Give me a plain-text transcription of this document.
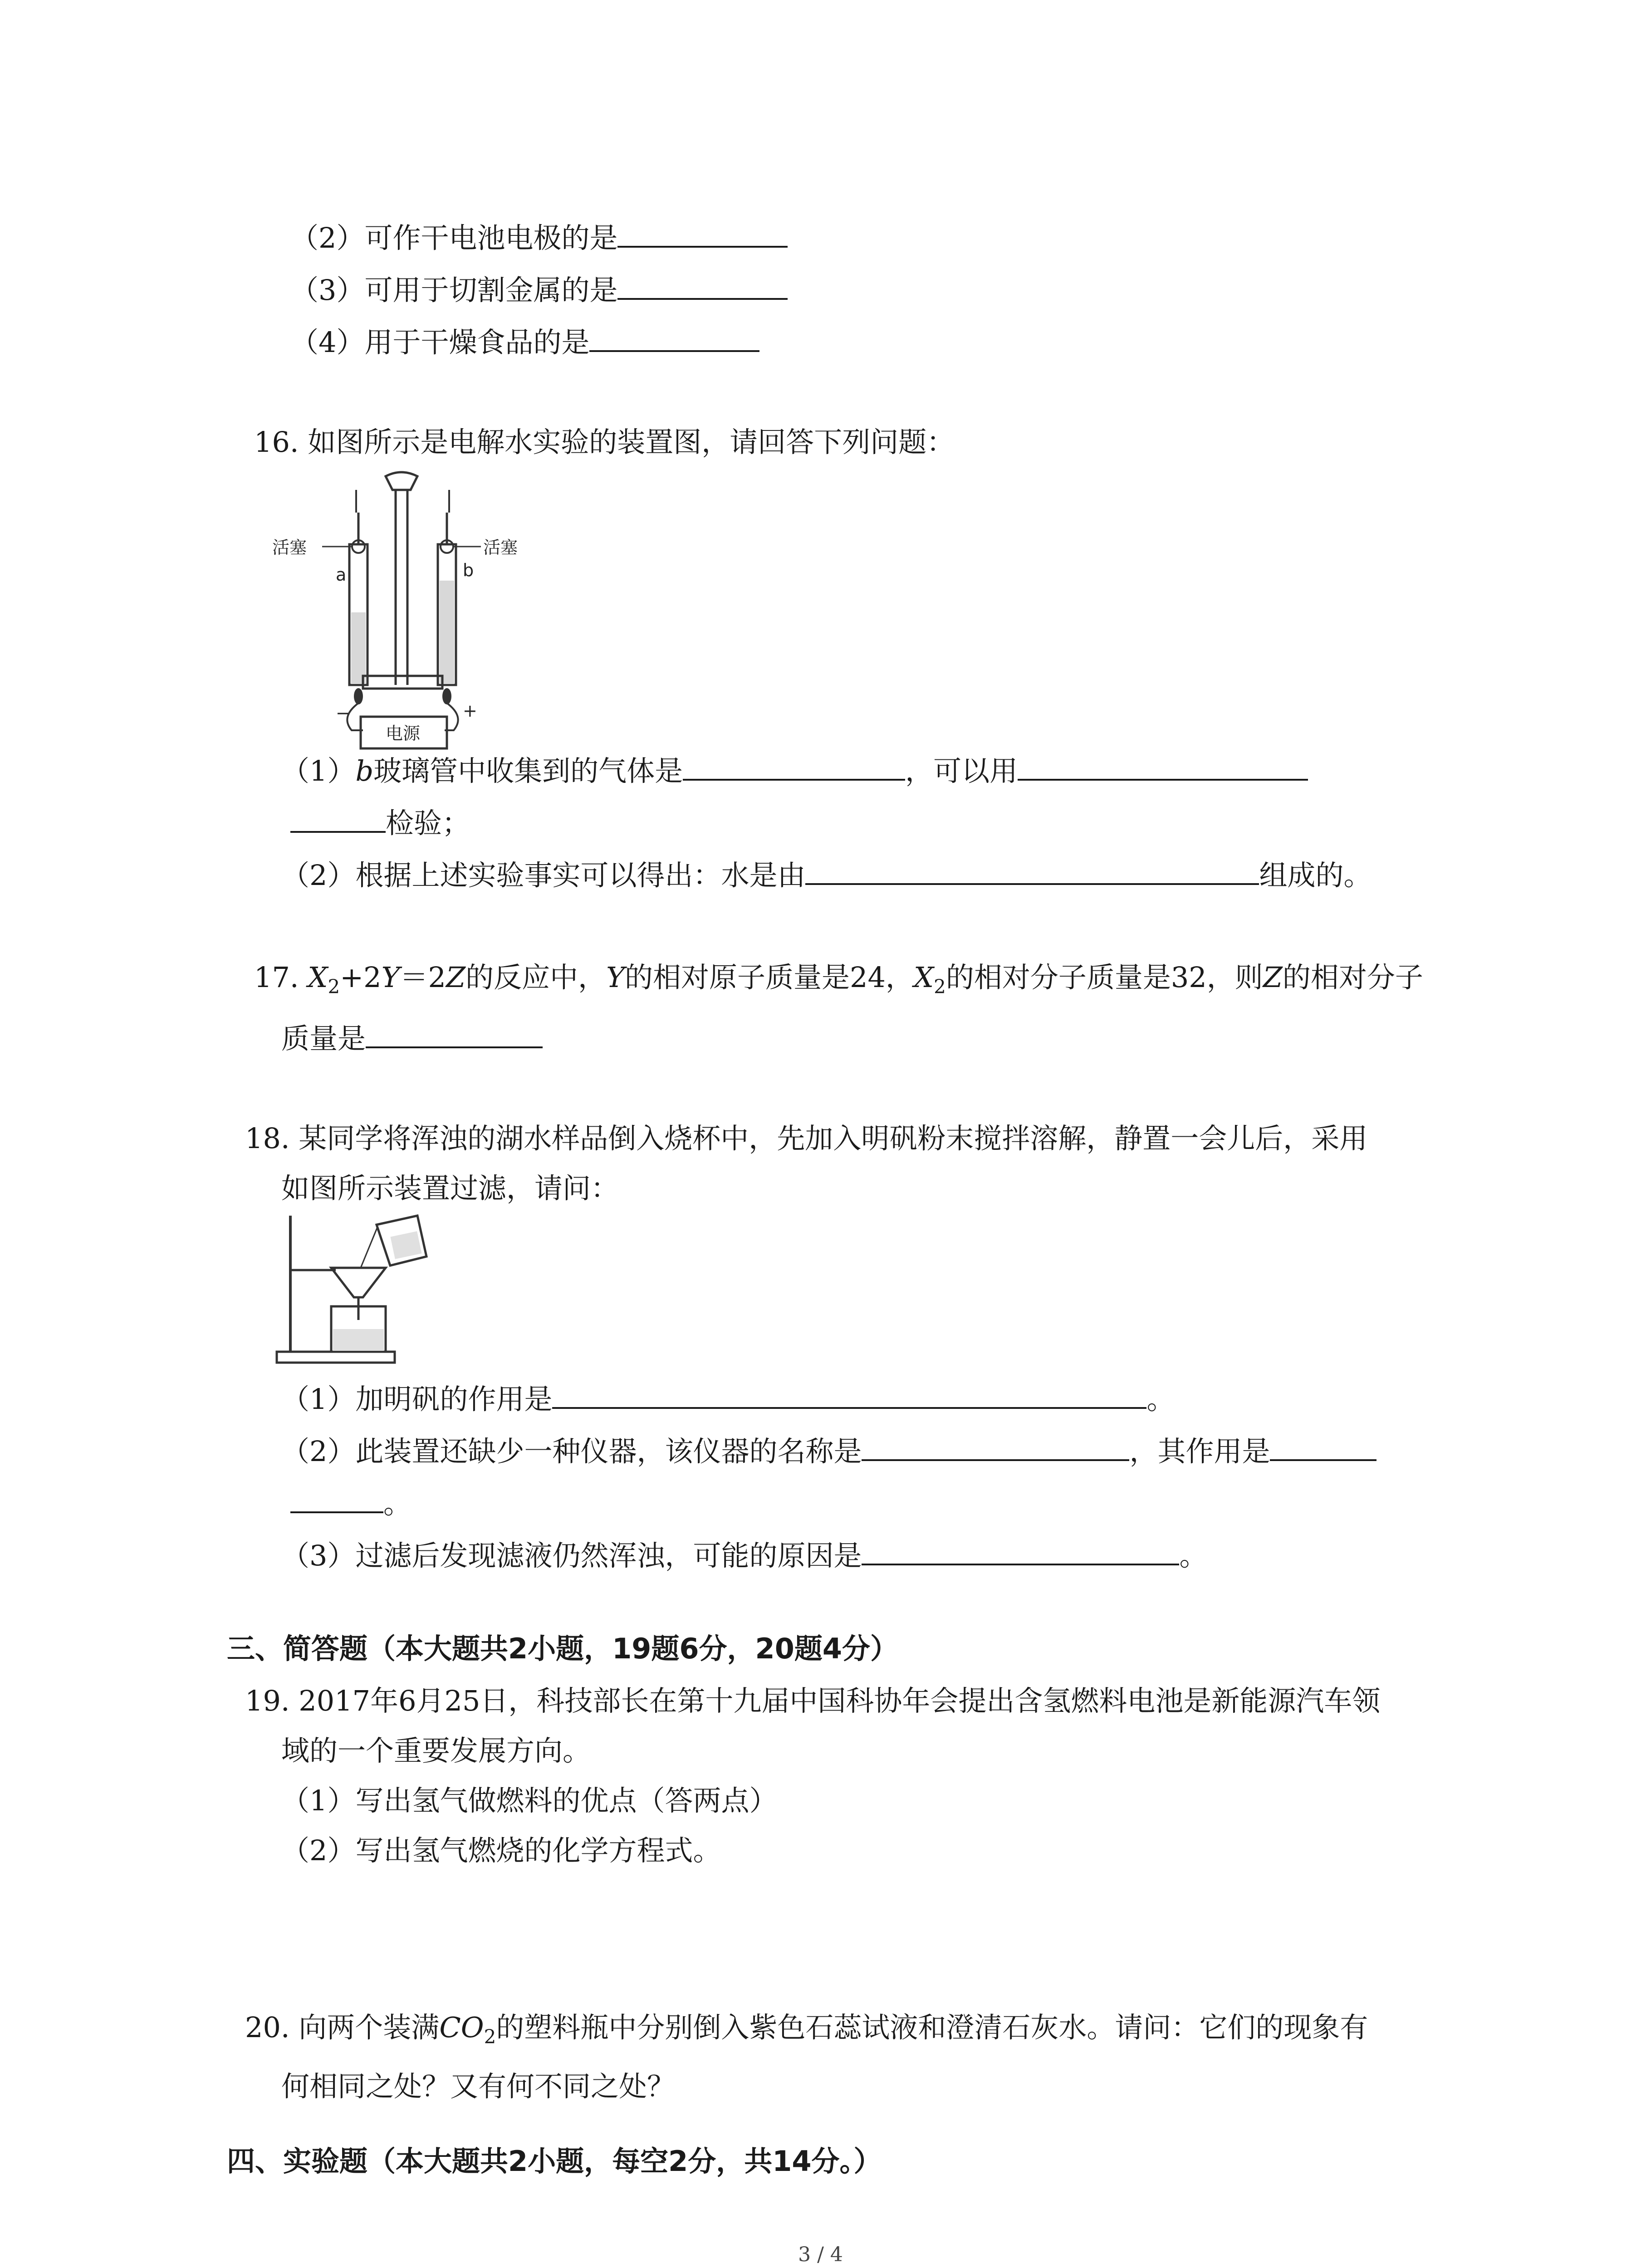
（2）可作干电池电极的是
（3）可用于切割金属的是
（4）用于干燥食品的是
16. 如图所示是电解水实验的装置图，请回答下列问题：
活塞	活塞
a	b
−	+
电源
（1）b玻璃管中收集到的气体是	，可以用
检验；
（2）根据上述实验事实可以得出：水是由	组成的。
17. $X_2+2Y=2Z$的反应中，Y的相对原子质量是24，$X_2$的相对分子质量是32，则Z的相对分子
质量是
18. 某同学将浑浊的湖水样品倒入烧杯中，先加入明矾粉末搅拌溶解，静置一会儿后，采用
如图所示装置过滤，请问：
（1）加明矾的作用是	。
（2）此装置还缺少一种仪器，该仪器的名称是	，其作用是
。
（3）过滤后发现滤液仍然浑浊，可能的原因是	。
三、简答题（本大题共2小题，19题6分，20题4分）
19. 2017年6月25日，科技部长在第十九届中国科协年会提出含氢燃料电池是新能源汽车领
域的一个重要发展方向。
（1）写出氢气做燃料的优点（答两点）
（2）写出氢气燃烧的化学方程式。
20. 向两个装满$CO_2$的塑料瓶中分别倒入紫色石蕊试液和澄清石灰水。请问：它们的现象有
何相同之处？又有何不同之处？
四、实验题（本大题共2小题，每空2分，共14分。）
3 / 4
